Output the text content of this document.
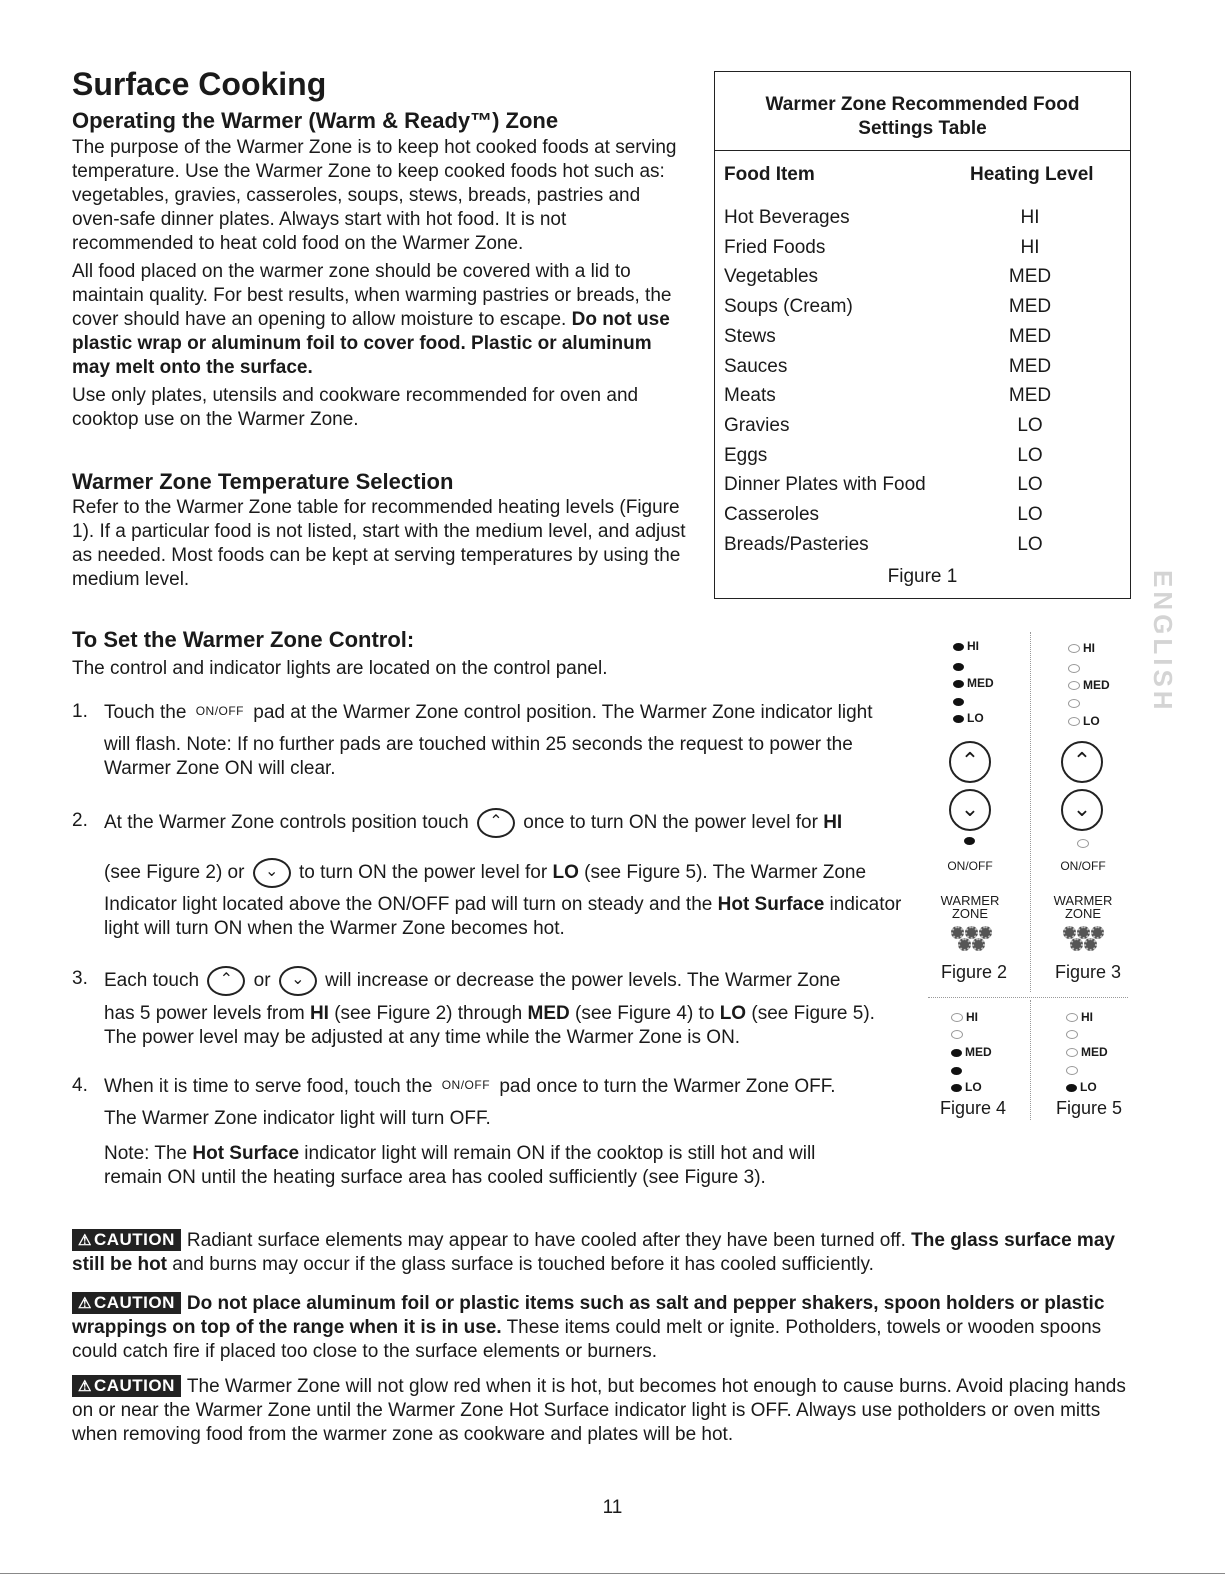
Surface Cooking
Operating the Warmer (Warm & Ready™) Zone

The purpose of the Warmer Zone is to keep hot cooked foods at serving temperature. Use the Warmer Zone to keep cooked foods hot such as: vegetables, gravies, casseroles, soups, stews, breads, pastries and oven-safe dinner plates. Always start with hot food. It is not recommended to heat cold food on the Warmer Zone.

All food placed on the warmer zone should be covered with a lid to maintain quality. For best results, when warming pastries or breads, the cover should have an opening to allow moisture to escape. Do not use plastic wrap or aluminum foil to cover food. Plastic or aluminum may melt onto the surface.

Use only plates, utensils and cookware recommended for oven and cooktop use on the Warmer Zone.

Warmer Zone Temperature Selection

Refer to the Warmer Zone table for recommended heating levels (Figure 1). If a particular food is not listed, start with the medium level, and adjust as needed. Most foods can be kept at serving temperatures by using the medium level.

Warmer Zone Recommended Food
Settings Table
Food Item	Heating Level
Hot Beverages	HI
Fried Foods	HI
Vegetables	MED
Soups (Cream)	MED
Stews	MED
Sauces	MED
Meats	MED
Gravies	LO
Eggs	LO
Dinner Plates with Food	LO
Casseroles	LO
Breads/Pasteries	LO
Figure 1
To Set the Warmer Zone Control:

The control and indicator lights are located on the control panel.

1. Touch the ON/OFF pad at the Warmer Zone control position. The Warmer Zone indicator light

will flash. Note: If no further pads are touched within 25 seconds the request to power the Warmer Zone ON will clear.

2. At the Warmer Zone controls position touch ⌃ once to turn ON the power level for HI

(see Figure 2) or ⌄ to turn ON the power level for LO (see Figure 5). The Warmer Zone

Indicator light located above the ON/OFF pad will turn on steady and the Hot Surface indicator light will turn ON when the Warmer Zone becomes hot.

3. Each touch ⌃ or ⌄ will increase or decrease the power levels. The Warmer Zone

has 5 power levels from HI (see Figure 2) through MED (see Figure 4) to LO (see Figure 5).

The power level may be adjusted at any time while the Warmer Zone is ON.

4. When it is time to serve food, touch the ON/OFF pad once to turn the Warmer Zone OFF.

The Warmer Zone indicator light will turn OFF.

Note: The Hot Surface indicator light will remain ON if the cooktop is still hot and will remain ON until the heating surface area has cooled sufficiently (see Figure 3).

HI
MED
LO
⌃
⌄
ON/OFF
WARMER
ZONE
Figure 2
HI
MED
LO
⌃
⌄
ON/OFF
WARMER
ZONE
Figure 3
HI
MED
LO
Figure 4
HI
MED
LO
Figure 5
ENGLISH

⚠ CAUTION Radiant surface elements may appear to have cooled after they have been turned off. The glass surface may still be hot and burns may occur if the glass surface is touched before it has cooled sufficiently.

⚠ CAUTION Do not place aluminum foil or plastic items such as salt and pepper shakers, spoon holders or plastic wrappings on top of the range when it is in use. These items could melt or ignite. Potholders, towels or wooden spoons could catch fire if placed too close to the surface elements or burners.

⚠ CAUTION The Warmer Zone will not glow red when it is hot, but becomes hot enough to cause burns. Avoid placing hands on or near the Warmer Zone until the Warmer Zone Hot Surface indicator light is OFF. Always use potholders or oven mitts when removing food from the warmer zone as cookware and plates will be hot.

11
